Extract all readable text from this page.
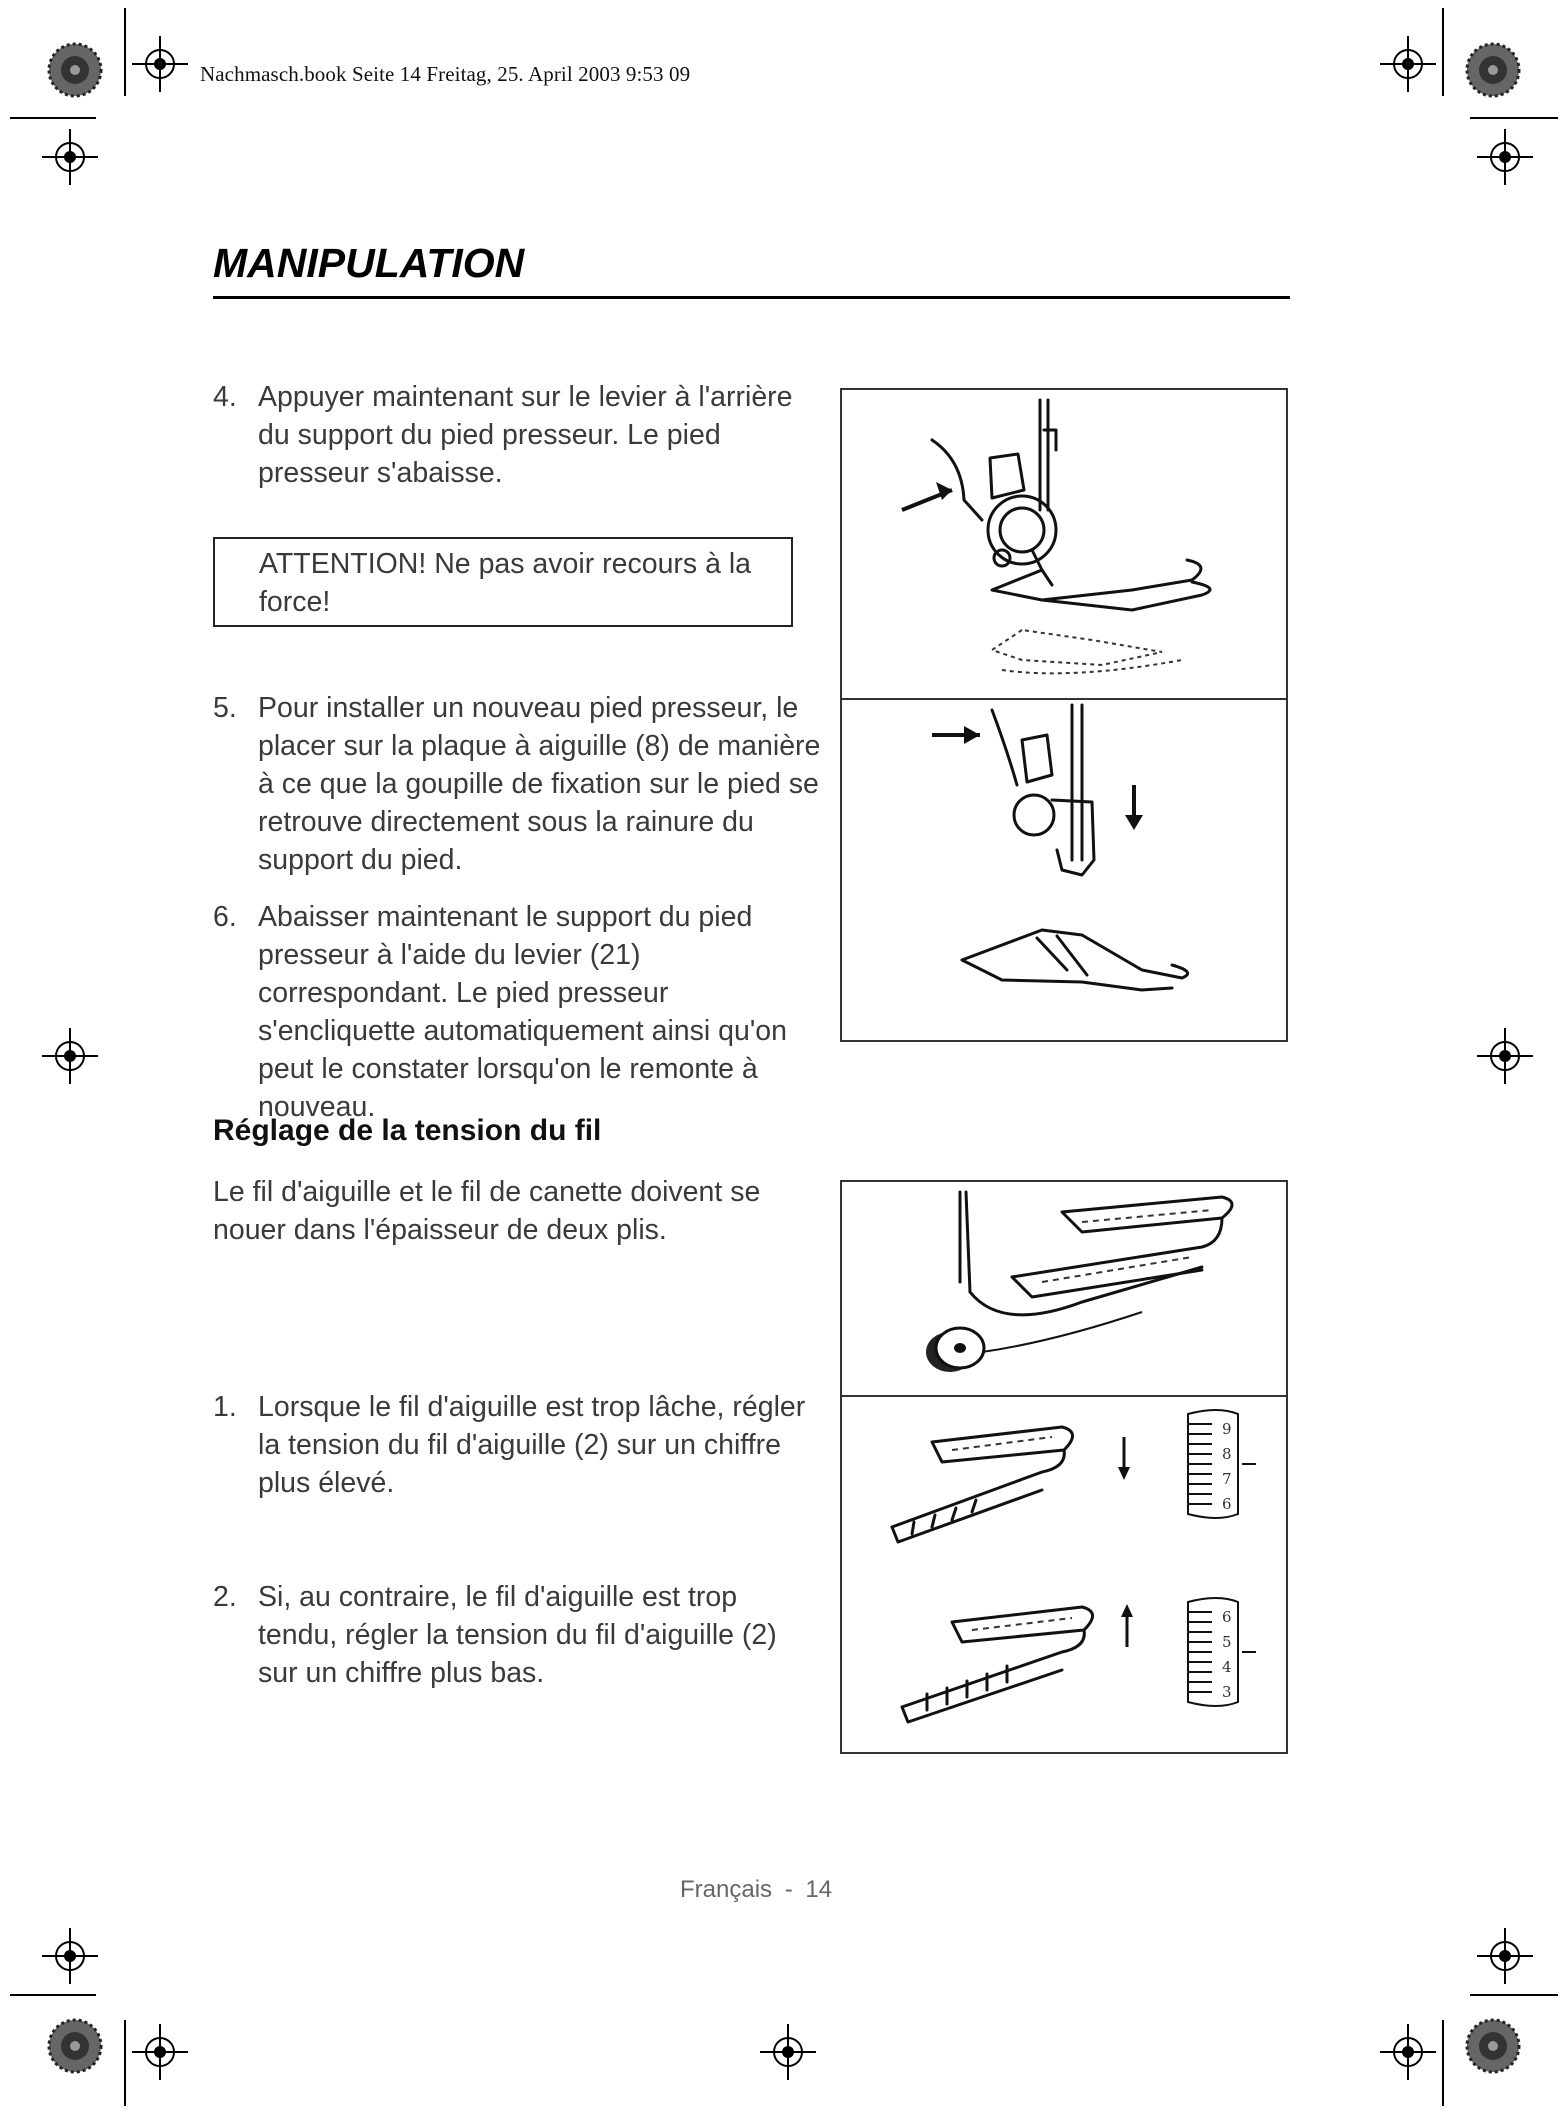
Nachmasch.book Seite 14 Freitag, 25. April 2003 9:53 09
MANIPULATION
4. Appuyer maintenant sur le levier à l'arrière du support du pied presseur. Le pied presseur s'abaisse.
ATTENTION! Ne pas avoir recours à la force!
5. Pour installer un nouveau pied presseur, le placer sur la plaque à aiguille (8) de manière à ce que la goupille de fixation sur le pied se retrouve directement sous la rainure du support du pied.
6. Abaisser maintenant le support du pied presseur à l'aide du levier (21) correspondant. Le pied presseur s'encliquette automatiquement ainsi qu'on peut le constater lorsqu'on le remonte à nouveau.
Réglage de la tension du fil
Le fil d'aiguille et le fil de canette doivent se nouer dans l'épaisseur de deux plis.
1. Lorsque le fil d'aiguille est trop lâche, régler la tension du fil d'aiguille (2) sur un chiffre plus élevé.
2. Si, au contraire, le fil d'aiguille est trop tendu, régler la tension du fil d'aiguille (2) sur un chiffre plus bas.
9
8
7
6
6
5
4
3
Français - 14
